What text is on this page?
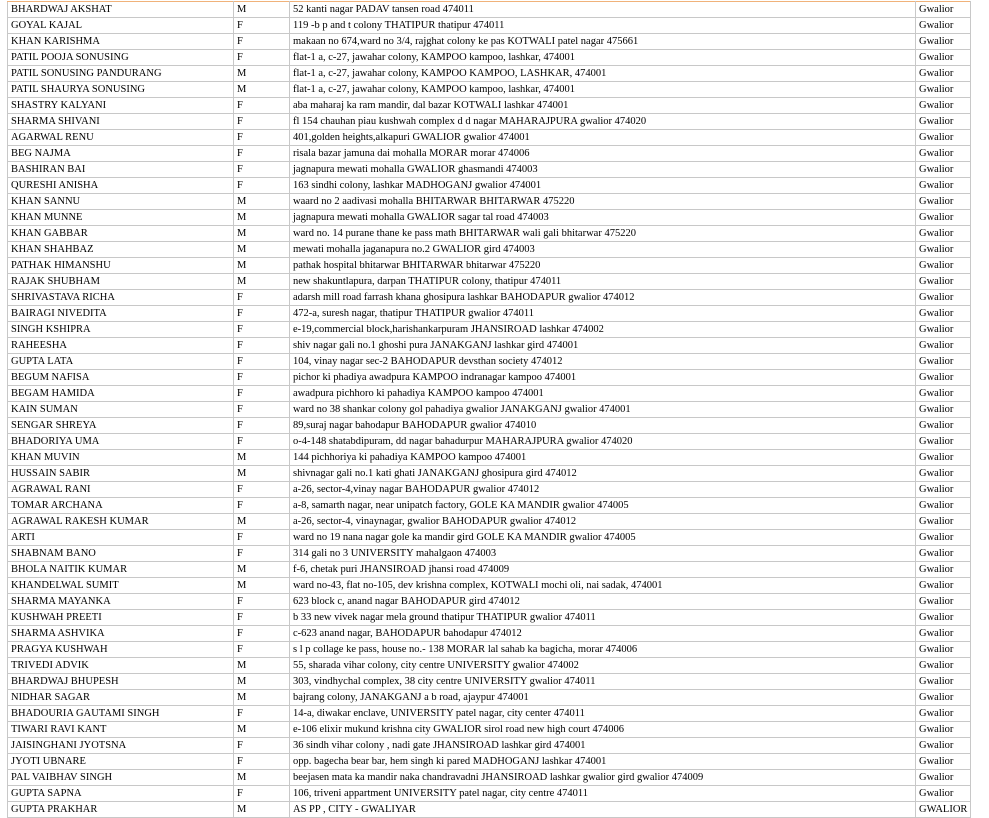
BHARDWAJ AKSHAT	M	52 kanti nagar PADAV tansen road 474011	Gwalior
GOYAL KAJAL	F	119 -b p and t colony THATIPUR thatipur 474011	Gwalior
KHAN KARISHMA	F	makaan no 674,ward no 3/4, rajghat colony ke pas KOTWALI patel nagar 475661	Gwalior
PATIL POOJA SONUSING	F	flat-1 a, c-27, jawahar colony, KAMPOO kampoo, lashkar, 474001	Gwalior
PATIL SONUSING PANDURANG	M	flat-1 a, c-27, jawahar colony, KAMPOO KAMPOO, LASHKAR, 474001	Gwalior
PATIL SHAURYA SONUSING	M	flat-1 a, c-27, jawahar colony, KAMPOO kampoo, lashkar, 474001	Gwalior
SHASTRY KALYANI	F	aba maharaj ka ram mandir, dal bazar KOTWALI lashkar 474001	Gwalior
SHARMA SHIVANI	F	fl 154 chauhan piau kushwah complex d d nagar MAHARAJPURA gwalior 474020	Gwalior
AGARWAL RENU	F	401,golden heights,alkapuri GWALIOR gwalior 474001	Gwalior
BEG NAJMA	F	risala bazar jamuna dai mohalla MORAR morar 474006	Gwalior
BASHIRAN BAI	F	jagnapura mewati mohalla GWALIOR ghasmandi 474003	Gwalior
QURESHI ANISHA	F	163 sindhi colony, lashkar MADHOGANJ gwalior 474001	Gwalior
KHAN SANNU	M	waard no 2 aadivasi mohalla BHITARWAR BHITARWAR 475220	Gwalior
KHAN MUNNE	M	jagnapura mewati mohalla GWALIOR sagar tal road 474003	Gwalior
KHAN GABBAR	M	ward no. 14 purane thane ke pass math BHITARWAR wali gali bhitarwar 475220	Gwalior
KHAN SHAHBAZ	M	mewati mohalla jaganapura no.2 GWALIOR gird 474003	Gwalior
PATHAK HIMANSHU	M	pathak hospital bhitarwar BHITARWAR bhitarwar 475220	Gwalior
RAJAK SHUBHAM	M	new shakuntlapura, darpan THATIPUR colony, thatipur 474011	Gwalior
SHRIVASTAVA RICHA	F	adarsh mill road farrash khana ghosipura lashkar BAHODAPUR gwalior 474012	Gwalior
BAIRAGI NIVEDITA	F	472-a, suresh nagar, thatipur THATIPUR gwalior 474011	Gwalior
SINGH KSHIPRA	F	e-19,commercial block,harishankarpuram JHANSIROAD lashkar 474002	Gwalior
RAHEESHA	F	shiv nagar gali no.1 ghoshi pura JANAKGANJ lashkar gird 474001	Gwalior
GUPTA LATA	F	104, vinay nagar sec-2 BAHODAPUR devsthan society 474012	Gwalior
BEGUM NAFISA	F	pichor ki phadiya awadpura KAMPOO indranagar kampoo 474001	Gwalior
BEGAM HAMIDA	F	awadpura pichhoro ki pahadiya KAMPOO kampoo 474001	Gwalior
KAIN SUMAN	F	ward no 38 shankar colony gol pahadiya gwalior JANAKGANJ gwalior 474001	Gwalior
SENGAR SHREYA	F	89,suraj nagar bahodapur BAHODAPUR gwalior 474010	Gwalior
BHADORIYA UMA	F	o-4-148 shatabdipuram, dd nagar bahadurpur MAHARAJPURA gwalior 474020	Gwalior
KHAN MUVIN	M	144 pichhoriya ki pahadiya KAMPOO kampoo 474001	Gwalior
HUSSAIN SABIR	M	shivnagar gali no.1 kati ghati JANAKGANJ ghosipura gird 474012	Gwalior
AGRAWAL RANI	F	a-26, sector-4,vinay nagar BAHODAPUR gwalior 474012	Gwalior
TOMAR ARCHANA	F	a-8, samarth nagar, near unipatch factory, GOLE KA MANDIR gwalior 474005	Gwalior
AGRAWAL RAKESH KUMAR	M	a-26, sector-4, vinaynagar, gwalior BAHODAPUR gwalior 474012	Gwalior
ARTI	F	ward no 19 nana nagar gole ka mandir gird GOLE KA MANDIR gwalior 474005	Gwalior
SHABNAM BANO	F	314 gali no 3 UNIVERSITY mahalgaon 474003	Gwalior
BHOLA NAITIK KUMAR	M	f-6, chetak puri JHANSIROAD jhansi road 474009	Gwalior
KHANDELWAL SUMIT	M	ward no-43, flat no-105, dev krishna complex, KOTWALI mochi oli, nai sadak, 474001	Gwalior
SHARMA MAYANKA	F	623 block c, anand nagar BAHODAPUR gird 474012	Gwalior
KUSHWAH PREETI	F	b 33 new vivek nagar mela ground thatipur THATIPUR gwalior 474011	Gwalior
SHARMA ASHVIKA	F	c-623 anand nagar, BAHODAPUR bahodapur 474012	Gwalior
PRAGYA KUSHWAH	F	s l p collage ke pass, house no.- 138 MORAR lal sahab ka bagicha, morar 474006	Gwalior
TRIVEDI ADVIK	M	55, sharada vihar colony, city centre UNIVERSITY gwalior 474002	Gwalior
BHARDWAJ BHUPESH	M	303, vindhychal complex, 38 city centre UNIVERSITY gwalior 474011	Gwalior
NIDHAR SAGAR	M	bajrang colony, JANAKGANJ a b road, ajaypur 474001	Gwalior
BHADOURIA GAUTAMI SINGH	F	14-a, diwakar enclave, UNIVERSITY patel nagar, city center 474011	Gwalior
TIWARI RAVI KANT	M	e-106 elixir mukund krishna city GWALIOR sirol road new high court 474006	Gwalior
JAISINGHANI JYOTSNA	F	36 sindh vihar colony , nadi gate JHANSIROAD lashkar gird 474001	Gwalior
JYOTI UBNARE	F	opp. bagecha bear bar, hem singh ki pared MADHOGANJ lashkar 474001	Gwalior
PAL VAIBHAV SINGH	M	beejasen mata ka mandir naka chandravadni JHANSIROAD lashkar gwalior gird gwalior 474009	Gwalior
GUPTA SAPNA	F	106, triveni appartment UNIVERSITY patel nagar, city centre 474011	Gwalior
GUPTA PRAKHAR	M	AS PP , CITY - GWALIYAR	GWALIOR
